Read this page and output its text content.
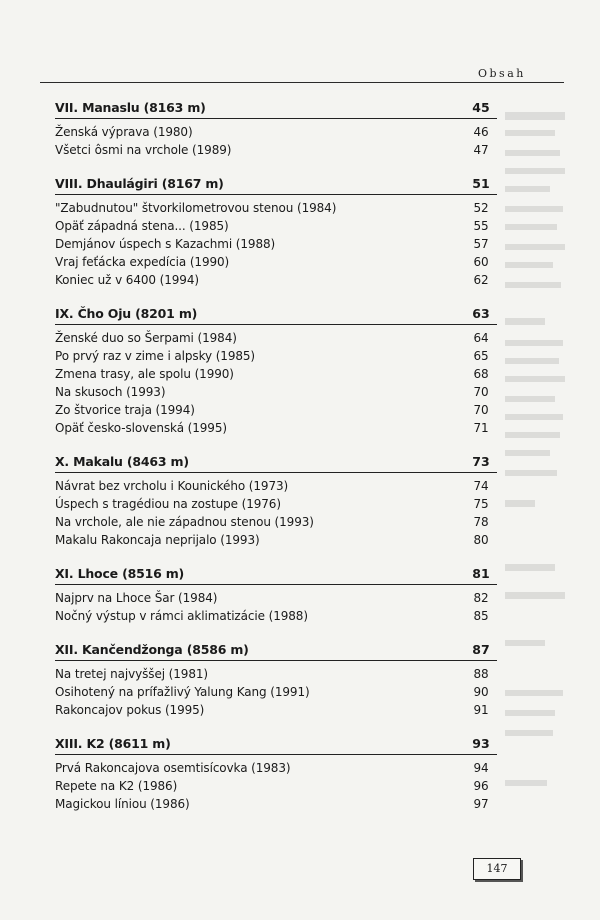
Obsah
VII. Manaslu (8163 m)	45
Ženská výprava (1980)	46
Všetci ôsmi na vrchole (1989)	47
VIII. Dhaulágiri (8167 m)	51
"Zabudnutou" štvorkilometrovou stenou (1984)	52
Opäť západná stena... (1985)	55
Demjánov úspech s Kazachmi (1988)	57
Vraj feťácka expedícia (1990)	60
Koniec už v 6400 (1994)	62
IX. Čho Oju (8201 m)	63
Ženské duo so Šerpami (1984)	64
Po prvý raz v zime i alpsky (1985)	65
Zmena trasy, ale spolu (1990)	68
Na skusoch (1993)	70
Zo štvorice traja (1994)	70
Opäť česko-slovenská (1995)	71
X. Makalu (8463 m)	73
Návrat bez vrcholu i Kounického (1973)	74
Úspech s tragédiou na zostupe (1976)	75
Na vrchole, ale nie západnou stenou (1993)	78
Makalu Rakoncaja neprijalo (1993)	80
XI. Lhoce (8516 m)	81
Najprv na Lhoce Šar (1984)	82
Nočný výstup v rámci aklimatizácie (1988)	85
XII. Kančendžonga (8586 m)	87
Na tretej najvyššej (1981)	88
Osihotený na prífažlivý Yalung Kang (1991)	90
Rakoncajov pokus (1995)	91
XIII. K2 (8611 m)	93
Prvá Rakoncajova osemtisícovka (1983)	94
Repete na K2 (1986)	96
Magickou líniou (1986)	97
147
